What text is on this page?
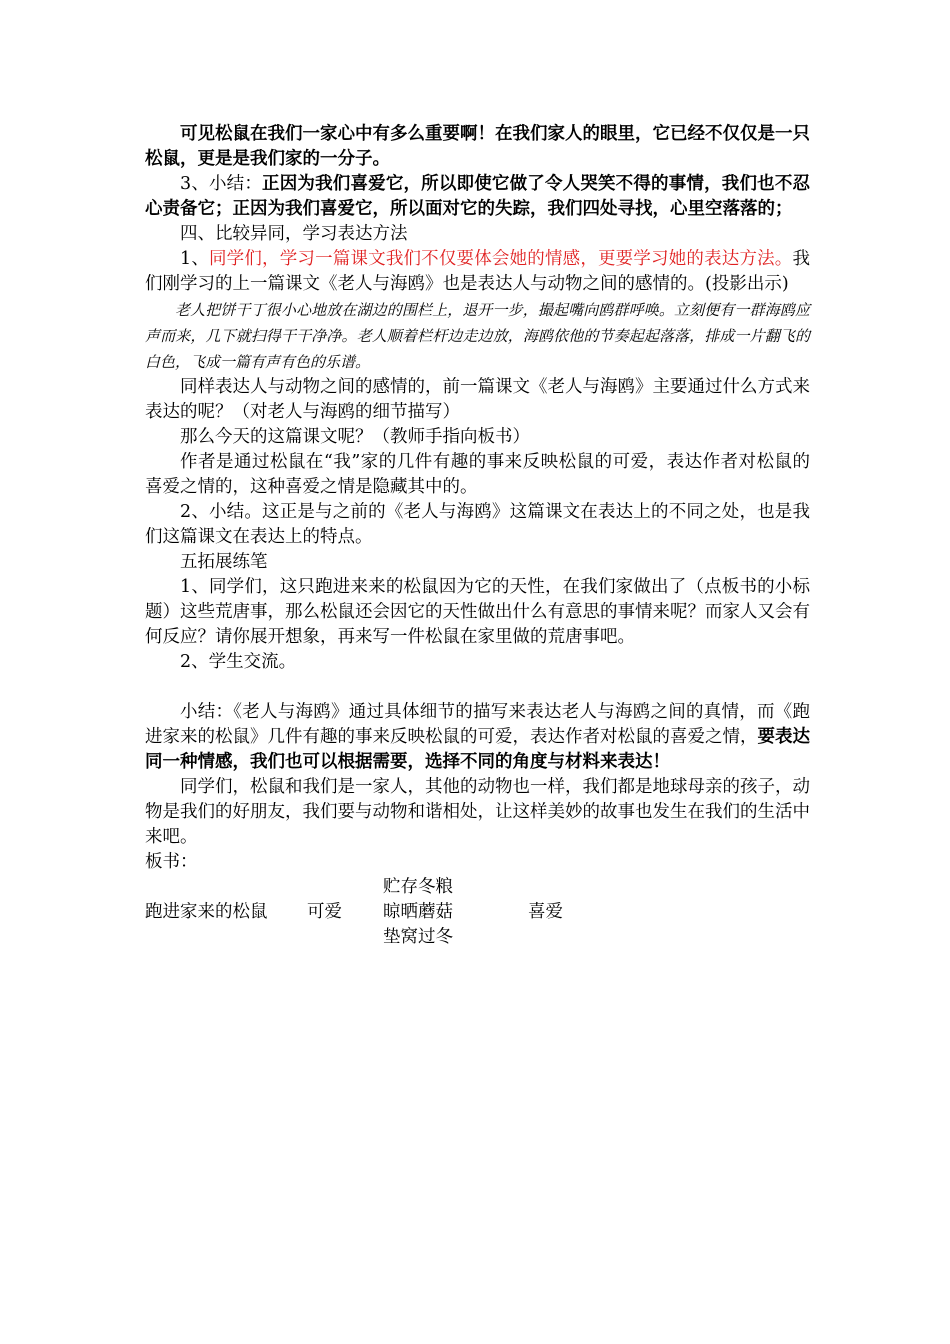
可见松鼠在我们一家心中有多么重要啊！在我们家人的眼里，它已经不仅仅是一只松鼠，更是是我们家的一分子。

3、小结：正因为我们喜爱它，所以即使它做了令人哭笑不得的事情，我们也不忍心责备它；正因为我们喜爱它，所以面对它的失踪，我们四处寻找，心里空落落的；

四、比较异同，学习表达方法

1、同学们，学习一篇课文我们不仅要体会她的情感，更要学习她的表达方法。我们刚学习的上一篇课文《老人与海鸥》也是表达人与动物之间的感情的。(投影出示)

老人把饼干丁很小心地放在湖边的围栏上，退开一步，撮起嘴向鸥群呼唤。立刻便有一群海鸥应声而来，几下就扫得干干净净。老人顺着栏杆边走边放，海鸥依他的节奏起起落落，排成一片翻飞的白色，飞成一篇有声有色的乐谱。

同样表达人与动物之间的感情的，前一篇课文《老人与海鸥》主要通过什么方式来表达的呢？（对老人与海鸥的细节描写）

那么今天的这篇课文呢？（教师手指向板书）

作者是通过松鼠在“我”家的几件有趣的事来反映松鼠的可爱，表达作者对松鼠的喜爱之情的，这种喜爱之情是隐藏其中的。

2、小结。这正是与之前的《老人与海鸥》这篇课文在表达上的不同之处，也是我们这篇课文在表达上的特点。

五拓展练笔

1、同学们，这只跑进来来的松鼠因为它的天性，在我们家做出了（点板书的小标题）这些荒唐事，那么松鼠还会因它的天性做出什么有意思的事情来呢？而家人又会有何反应？请你展开想象，再来写一件松鼠在家里做的荒唐事吧。

2、学生交流。

小结：《老人与海鸥》通过具体细节的描写来表达老人与海鸥之间的真情，而《跑进家来的松鼠》几件有趣的事来反映松鼠的可爱，表达作者对松鼠的喜爱之情，要表达同一种情感，我们也可以根据需要，选择不同的角度与材料来表达！

同学们，松鼠和我们是一家人，其他的动物也一样，我们都是地球母亲的孩子，动物是我们的好朋友，我们要与动物和谐相处，让这样美妙的故事也发生在我们的生活中来吧。

板书：

贮存冬粮
跑进家来的松鼠 可爱 晾晒蘑菇	喜爱
垫窝过冬
